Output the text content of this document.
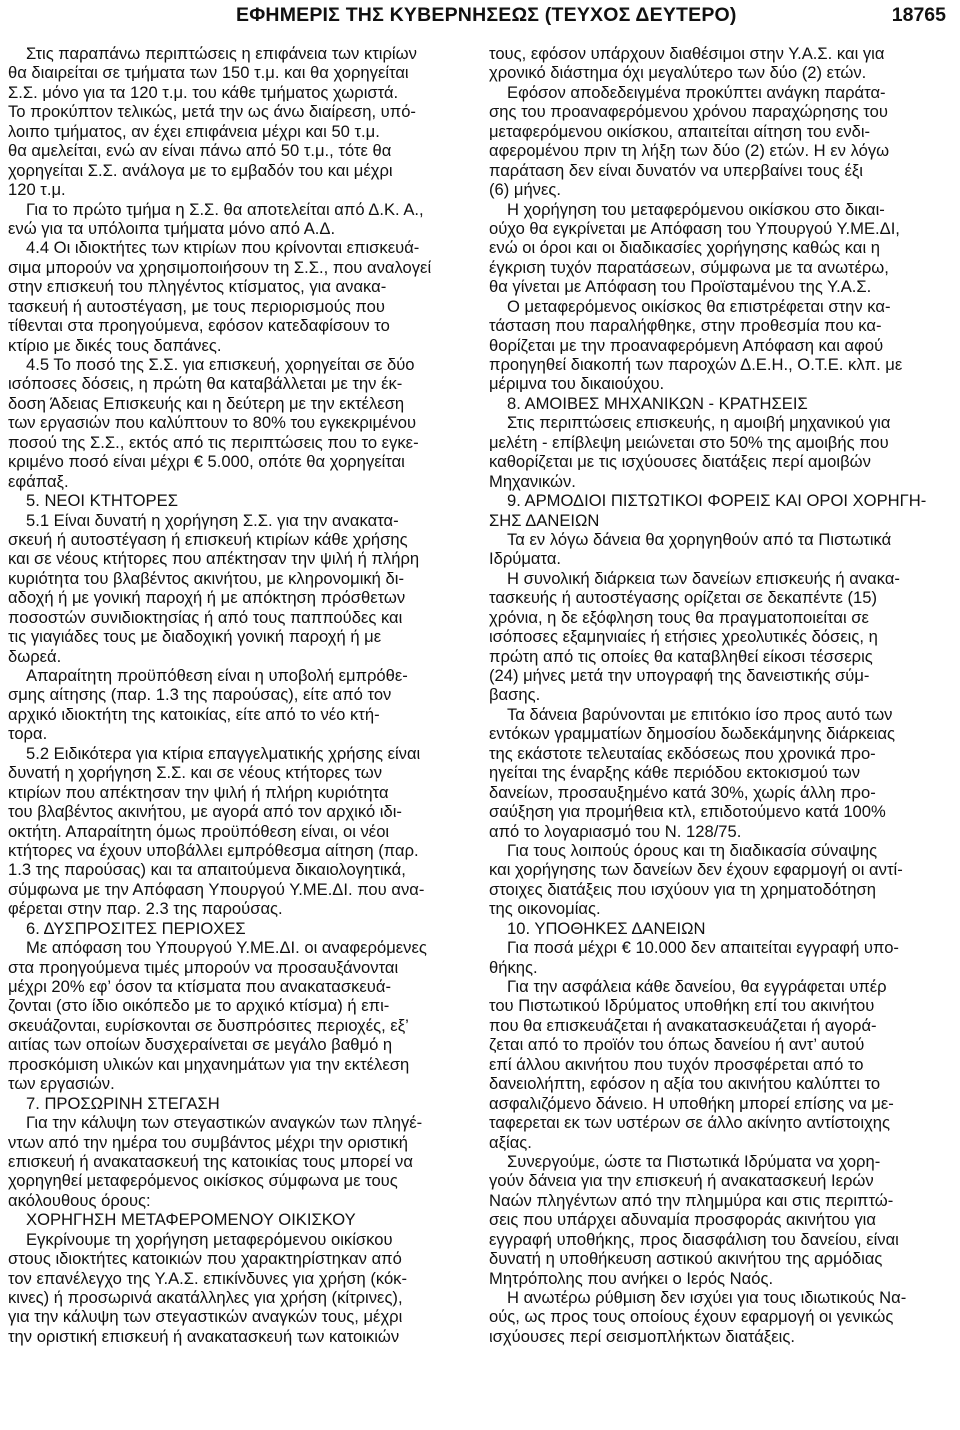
ΕΦΗΜΕΡΙΣ ΤΗΣ ΚΥΒΕΡΝΗΣΕΩΣ (ΤΕΥΧΟΣ ΔΕΥΤΕΡΟ)	18765
Στις παραπάνω περιπτώσεις η επιφάνεια των κτιρίων
θα διαιρείται σε τμήματα των 150 τ.μ. και θα χορηγείται
Σ.Σ. μόνο για τα 120 τ.μ. του κάθε τμήματος χωριστά.
Το προκύπτον τελικώς, μετά την ως άνω διαίρεση, υπό-
λοιπο τμήματος, αν έχει επιφάνεια μέχρι και 50 τ.μ.
θα αμελείται, ενώ αν είναι πάνω από 50 τ.μ., τότε θα
χορηγείται Σ.Σ. ανάλογα με το εμβαδόν του και μέχρι
120 τ.μ.
Για το πρώτο τμήμα η Σ.Σ. θα αποτελείται από Δ.Κ. Α.,
ενώ για τα υπόλοιπα τμήματα μόνο από Α.Δ.
4.4 Οι ιδιοκτήτες των κτιρίων που κρίνονται επισκευά-
σιμα μπορούν να χρησιμοποιήσουν τη Σ.Σ., που αναλογεί
στην επισκευή του πληγέντος κτίσματος, για ανακα-
τασκευή ή αυτοστέγαση, με τους περιορισμούς που
τίθενται στα προηγούμενα, εφόσον κατεδαφίσουν το
κτίριο με δικές τους δαπάνες.
4.5 Το ποσό της Σ.Σ. για επισκευή, χορηγείται σε δύο
ισόποσες δόσεις, η πρώτη θα καταβάλλεται με την έκ-
δοση Άδειας Επισκευής και η δεύτερη με την εκτέλεση
των εργασιών που καλύπτουν το 80% του εγκεκριμένου
ποσού της Σ.Σ., εκτός από τις περιπτώσεις που το εγκε-
κριμένο ποσό είναι μέχρι € 5.000, οπότε θα χορηγείται
εφάπαξ.
5. ΝΕΟΙ ΚΤΗΤΟΡΕΣ
5.1 Είναι δυνατή η χορήγηση Σ.Σ. για την ανακατα-
σκευή ή αυτοστέγαση ή επισκευή κτιρίων κάθε χρήσης
και σε νέους κτήτορες που απέκτησαν την ψιλή ή πλήρη
κυριότητα του βλαβέντος ακινήτου, με κληρονομική δι-
αδοχή ή με γονική παροχή ή με απόκτηση πρόσθετων
ποσοστών συνιδιοκτησίας ή από τους παππούδες και
τις γιαγιάδες τους με διαδοχική γονική παροχή ή με
δωρεά.
Απαραίτητη προϋπόθεση είναι η υποβολή εμπρόθε-
σμης αίτησης (παρ. 1.3 της παρούσας), είτε από τον
αρχικό ιδιοκτήτη της κατοικίας, είτε από το νέο κτή-
τορα.
5.2 Ειδικότερα για κτίρια επαγγελματικής χρήσης είναι
δυνατή η χορήγηση Σ.Σ. και σε νέους κτήτορες των
κτιρίων που απέκτησαν την ψιλή ή πλήρη κυριότητα
του βλαβέντος ακινήτου, με αγορά από τον αρχικό ιδι-
οκτήτη. Απαραίτητη όμως προϋπόθεση είναι, οι νέοι
κτήτορες να έχουν υποβάλλει εμπρόθεσμα αίτηση (παρ.
1.3 της παρούσας) και τα απαιτούμενα δικαιολογητικά,
σύμφωνα με την Απόφαση Υπουργού Υ.ΜΕ.ΔΙ. που ανα-
φέρεται στην παρ. 2.3 της παρούσας.
6. ΔΥΣΠΡΟΣΙΤΕΣ ΠΕΡΙΟΧΕΣ
Με απόφαση του Υπουργού Υ.ΜΕ.ΔΙ. οι αναφερόμενες
στα προηγούμενα τιμές μπορούν να προσαυξάνονται
μέχρι 20% εφ’ όσον τα κτίσματα που ανακατασκευά-
ζονται (στο ίδιο οικόπεδο με το αρχικό κτίσμα) ή επι-
σκευάζονται, ευρίσκονται σε δυσπρόσιτες περιοχές, εξ’
αιτίας των οποίων δυσχεραίνεται σε μεγάλο βαθμό η
προσκόμιση υλικών και μηχανημάτων για την εκτέλεση
των εργασιών.
7. ΠΡΟΣΩΡΙΝΗ ΣΤΕΓΑΣΗ
Για την κάλυψη των στεγαστικών αναγκών των πληγέ-
ντων από την ημέρα του συμβάντος μέχρι την οριστική
επισκευή ή ανακατασκευή της κατοικίας τους μπορεί να
χορηγηθεί μεταφερόμενος οικίσκος σύμφωνα με τους
ακόλουθους όρους:
ΧΟΡΗΓΗΣΗ ΜΕΤΑΦΕΡΟΜΕΝΟΥ ΟΙΚΙΣΚΟΥ
Εγκρίνουμε τη χορήγηση μεταφερόμενου οικίσκου
στους ιδιοκτήτες κατοικιών που χαρακτηρίστηκαν από
τον επανέλεγχο της Υ.Α.Σ. επικίνδυνες για χρήση (κόκ-
κινες) ή προσωρινά ακατάλληλες για χρήση (κίτρινες),
για την κάλυψη των στεγαστικών αναγκών τους, μέχρι
την οριστική επισκευή ή ανακατασκευή των κατοικιών
τους, εφόσον υπάρχουν διαθέσιμοι στην Υ.Α.Σ. και για
χρονικό διάστημα όχι μεγαλύτερο των δύο (2) ετών.
Εφόσον αποδεδειγμένα προκύπτει ανάγκη παράτα-
σης του προαναφερόμενου χρόνου παραχώρησης του
μεταφερόμενου οικίσκου, απαιτείται αίτηση του ενδι-
αφερομένου πριν τη λήξη των δύο (2) ετών. Η εν λόγω
παράταση δεν είναι δυνατόν να υπερβαίνει τους έξι
(6) μήνες.
Η χορήγηση του μεταφερόμενου οικίσκου στο δικαι-
ούχο θα εγκρίνεται με Απόφαση του Υπουργού Υ.ΜΕ.ΔΙ,
ενώ οι όροι και οι διαδικασίες χορήγησης καθώς και η
έγκριση τυχόν παρατάσεων, σύμφωνα με τα ανωτέρω,
θα γίνεται με Απόφαση του Προϊσταμένου της Υ.Α.Σ.
Ο μεταφερόμενος οικίσκος θα επιστρέφεται στην κα-
τάσταση που παραλήφθηκε, στην προθεσμία που κα-
θορίζεται με την προαναφερόμενη Απόφαση και αφού
προηγηθεί διακοπή των παροχών Δ.Ε.Η., Ο.Τ.Ε. κλπ. με
μέριμνα του δικαιούχου.
8. ΑΜΟΙΒΕΣ ΜΗΧΑΝΙΚΩΝ - ΚΡΑΤΗΣΕΙΣ
Στις περιπτώσεις επισκευής, η αμοιβή μηχανικού για
μελέτη - επίβλεψη μειώνεται στο 50% της αμοιβής που
καθορίζεται με τις ισχύουσες διατάξεις περί αμοιβών
Μηχανικών.
9. ΑΡΜΟΔΙΟΙ ΠΙΣΤΩΤΙΚΟΙ ΦΟΡΕΙΣ ΚΑΙ ΟΡΟΙ ΧΟΡΗΓΗ-
ΣΗΣ ΔΑΝΕΙΩΝ
Τα εν λόγω δάνεια θα χορηγηθούν από τα Πιστωτικά
Ιδρύματα.
Η συνολική διάρκεια των δανείων επισκευής ή ανακα-
τασκευής ή αυτοστέγασης ορίζεται σε δεκαπέντε (15)
χρόνια, η δε εξόφληση τους θα πραγματοποιείται σε
ισόποσες εξαμηνιαίες ή ετήσιες χρεολυτικές δόσεις, η
πρώτη από τις οποίες θα καταβληθεί είκοσι τέσσερις
(24) μήνες μετά την υπογραφή της δανειστικής σύμ-
βασης.
Τα δάνεια βαρύνονται με επιτόκιο ίσο προς αυτό των
εντόκων γραμματίων δημοσίου δωδεκάμηνης διάρκειας
της εκάστοτε τελευταίας εκδόσεως που χρονικά προ-
ηγείται της έναρξης κάθε περιόδου εκτοκισμού των
δανείων, προσαυξημένο κατά 30%, χωρίς άλλη προ-
σαύξηση για προμήθεια κτλ, επιδοτούμενο κατά 100%
από το λογαριασμό του Ν. 128/75.
Για τους λοιπούς όρους και τη διαδικασία σύναψης
και χορήγησης των δανείων δεν έχουν εφαρμογή οι αντί-
στοιχες διατάξεις που ισχύουν για τη χρηματοδότηση
της οικονομίας.
10. ΥΠΟΘΗΚΕΣ ΔΑΝΕΙΩΝ
Για ποσά μέχρι € 10.000 δεν απαιτείται εγγραφή υπο-
θήκης.
Για την ασφάλεια κάθε δανείου, θα εγγράφεται υπέρ
του Πιστωτικού Ιδρύματος υποθήκη επί του ακινήτου
που θα επισκευάζεται ή ανακατασκευάζεται ή αγορά-
ζεται από το προϊόν του όπως δανείου ή αντ’ αυτού
επί άλλου ακινήτου που τυχόν προσφέρεται από το
δανειολήπτη, εφόσον η αξία του ακινήτου καλύπτει το
ασφαλιζόμενο δάνειο. Η υποθήκη μπορεί επίσης να με-
ταφερεται εκ των υστέρων σε άλλο ακίνητο αντίστοιχης
αξίας.
Συνεργούμε, ώστε τα Πιστωτικά Ιδρύματα να χορη-
γούν δάνεια για την επισκευή ή ανακατασκευή Ιερών
Ναών πληγέντων από την πλημμύρα και στις περιπτώ-
σεις που υπάρχει αδυναμία προσφοράς ακινήτου για
εγγραφή υποθήκης, προς διασφάλιση του δανείου, είναι
δυνατή η υποθήκευση αστικού ακινήτου της αρμόδιας
Μητρόπολης που ανήκει ο Ιερός Ναός.
Η ανωτέρω ρύθμιση δεν ισχύει για τους ιδιωτικούς Να-
ούς, ως προς τους οποίους έχουν εφαρμογή οι γενικώς
ισχύουσες περί σεισμοπλήκτων διατάξεις.
